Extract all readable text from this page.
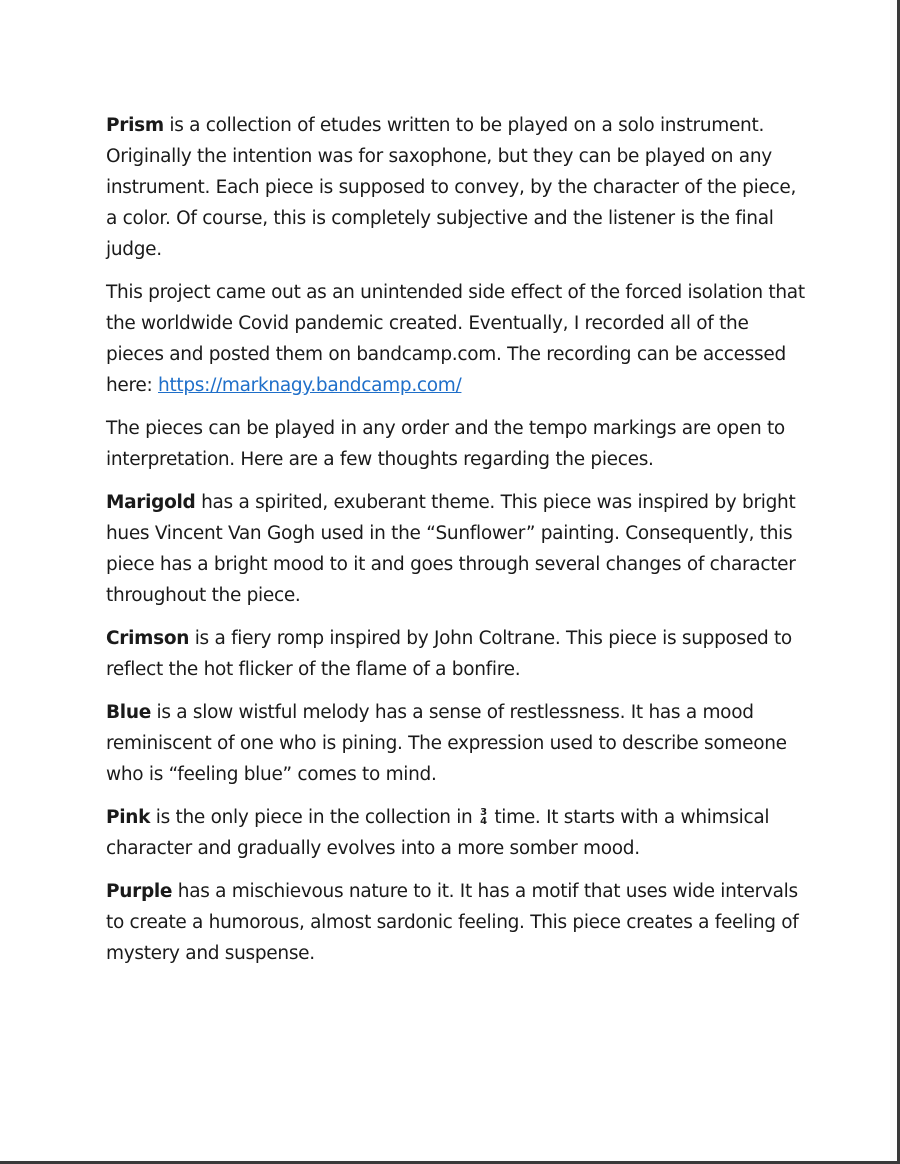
Prism is a collection of etudes written to be played on a solo instrument. Originally the intention was for saxophone, but they can be played on any instrument. Each piece is supposed to convey, by the character of the piece, a color. Of course, this is completely subjective and the listener is the final judge.

This project came out as an unintended side effect of the forced isolation that the worldwide Covid pandemic created. Eventually, I recorded all of the pieces and posted them on bandcamp.com. The recording can be accessed here: https://marknagy.bandcamp.com/

The pieces can be played in any order and the tempo markings are open to interpretation. Here are a few thoughts regarding the pieces.

Marigold has a spirited, exuberant theme. This piece was inspired by bright hues Vincent Van Gogh used in the “Sunflower” painting. Consequently, this piece has a bright mood to it and goes through several changes of character throughout the piece.

Crimson is a fiery romp inspired by John Coltrane. This piece is supposed to reflect the hot flicker of the flame of a bonfire.

Blue is a slow wistful melody has a sense of restlessness. It has a mood reminiscent of one who is pining. The expression used to describe someone who is “feeling blue” comes to mind.

Pink is the only piece in the collection in 3
4 time. It starts with a whimsical character and gradually evolves into a more somber mood.

Purple has a mischievous nature to it. It has a motif that uses wide intervals to create a humorous, almost sardonic feeling. This piece creates a feeling of mystery and suspense.
